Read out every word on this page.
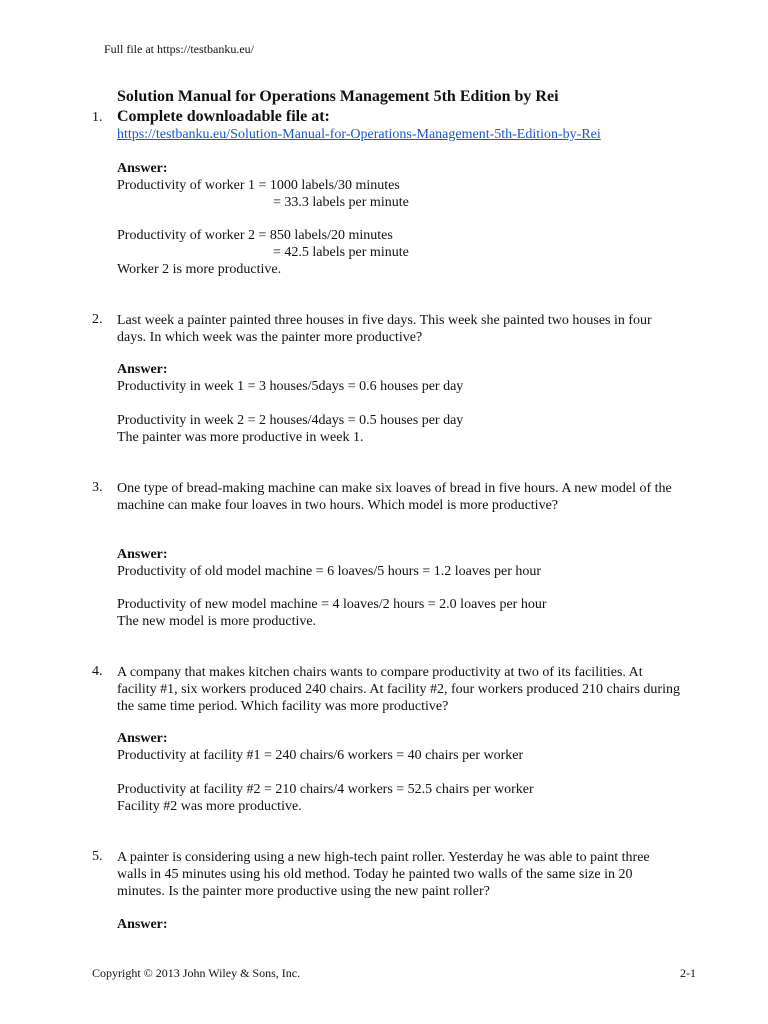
Full file at https://testbanku.eu/
Solution Manual for Operations Management 5th Edition by Rei
1. Complete downloadable file at:
https://testbanku.eu/Solution-Manual-for-Operations-Management-5th-Edition-by-Rei
Answer:
Productivity of worker 1 = 1000 labels/30 minutes
= 33.3 labels per minute
Productivity of worker 2 = 850 labels/20 minutes
= 42.5 labels per minute
Worker 2 is more productive.
2. Last week a painter painted three houses in five days. This week she painted two houses in four days. In which week was the painter more productive?
Answer:
Productivity in week 1 = 3 houses/5days = 0.6 houses per day
Productivity in week 2 = 2 houses/4days = 0.5 houses per day
The painter was more productive in week 1.
3. One type of bread-making machine can make six loaves of bread in five hours. A new model of the machine can make four loaves in two hours. Which model is more productive?
Answer:
Productivity of old model machine = 6 loaves/5 hours = 1.2 loaves per hour
Productivity of new model machine = 4 loaves/2 hours = 2.0 loaves per hour
The new model is more productive.
4. A company that makes kitchen chairs wants to compare productivity at two of its facilities. At facility #1, six workers produced 240 chairs. At facility #2, four workers produced 210 chairs during the same time period. Which facility was more productive?
Answer:
Productivity at facility #1 = 240 chairs/6 workers = 40 chairs per worker
Productivity at facility #2 = 210 chairs/4 workers = 52.5 chairs per worker
Facility #2 was more productive.
5. A painter is considering using a new high-tech paint roller. Yesterday he was able to paint three walls in 45 minutes using his old method. Today he painted two walls of the same size in 20 minutes. Is the painter more productive using the new paint roller?
Answer:
Copyright © 2013 John Wiley & Sons, Inc.	2-1
